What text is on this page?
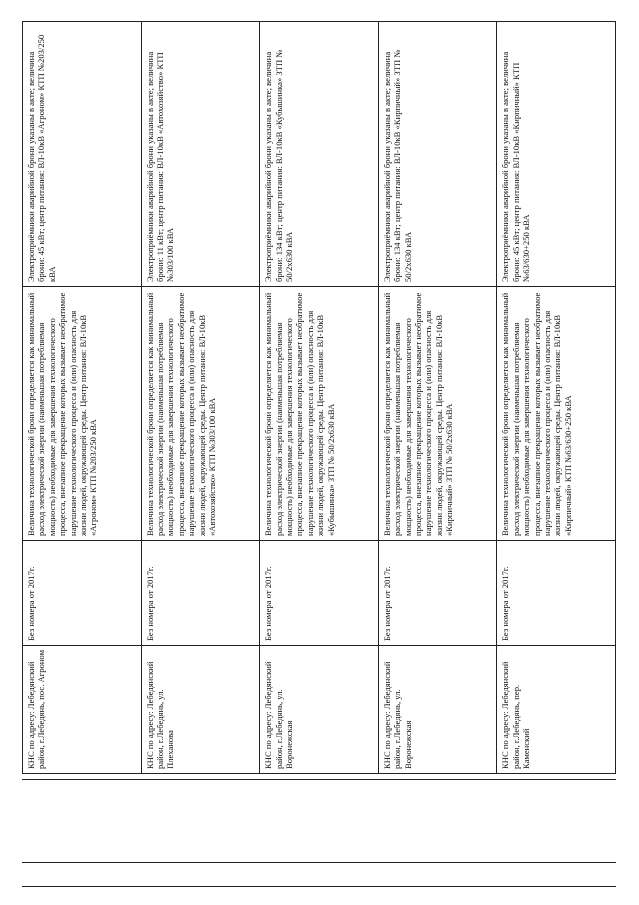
КНС по адресу: Лебедянский район, г.Лебедянь, пос. Агроном	Без номера от 2017г.	Величина технологической брони определяется как минимальный расход электрической энергии (наименьшая потребляемая мощность) необходимые для завершения технологического процесса, внезапное прекращение которых вызывает необратимое нарушение технологического процесса и (или) опасность для жизни людей, окружающей среды. Центр питания: ВЛ-10кВ «Агроном» КТП №203/250 кВА	Электроприёмники аварийной брони указаны в акте; величина брони: 45 кВт; центр питания: ВЛ-10кВ «Агроном» КТП №203/250 кВА
КНС по адресу: Лебедянский район, г.Лебедянь, ул. Плеханова	Без номера от 2017г.	Величина технологической брони определяется как минимальный расход электрической энергии (наименьшая потребляемая мощность) необходимые для завершения технологического процесса, внезапное прекращение которых вызывает необратимое нарушение технологического процесса и (или) опасность для жизни людей, окружающей среды. Центр питания: ВЛ-10кВ «Автохозяйство» КТП №303/100 кВА	Электроприёмники аварийной брони указаны в акте; величина брони: 11 кВт; центр питания: ВЛ-10кВ «Автохозяйство» КТП №303/100 кВА
КНС по адресу: Лебедянский район, г.Лебедянь, ул. Воронежская	Без номера от 2017г.	Величина технологической брони определяется как минимальный расход электрической энергии (наименьшая потребляемая мощность) необходимые для завершения технологического процесса, внезапное прекращение которых вызывает необратимое нарушение технологического процесса и (или) опасность для жизни людей, окружающей среды. Центр питания: ВЛ-10кВ «Кубышинка» ЗТП № 50/2х630 кВА	Электроприёмники аварийной брони указаны в акте; величина брони: 134 кВт; центр питания: ВЛ-10кВ «Кубышинка» ЗТП № 50/2х630 кВА
КНС по адресу: Лебедянский район, г.Лебедянь, ул. Воронежская	Без номера от 2017г.	Величина технологической брони определяется как минимальный расход электрической энергии (наименьшая потребляемая мощность) необходимые для завершения технологического процесса, внезапное прекращение которых вызывает необратимое нарушение технологического процесса и (или) опасность для жизни людей, окружающей среды. Центр питания: ВЛ-10кВ «Кирпичный» ЗТП № 50/2х630 кВА	Электроприёмники аварийной брони указаны в акте; величина брони: 134 кВт; центр питания: ВЛ-10кВ «Кирпичный» ЗТП № 50/2х630 кВА
КНС по адресу: Лебедянский район, г.Лебедянь, пер. Каменский	Без номера от 2017г.	Величина технологической брони определяется как минимальный расход электрической энергии (наименьшая потребляемая мощность) необходимые для завершения технологического процесса, внезапное прекращение которых вызывает необратимое нарушение технологического процесса и (или) опасность для жизни людей, окружающей среды. Центр питания: ВЛ-10кВ «Кирпичный» КТП №63/630+250 кВА	Электроприёмники аварийной брони указаны в акте; величина брони: 45 кВт; центр питания: ВЛ-10кВ «Кирпичный» КТП №63/630+250 кВА
